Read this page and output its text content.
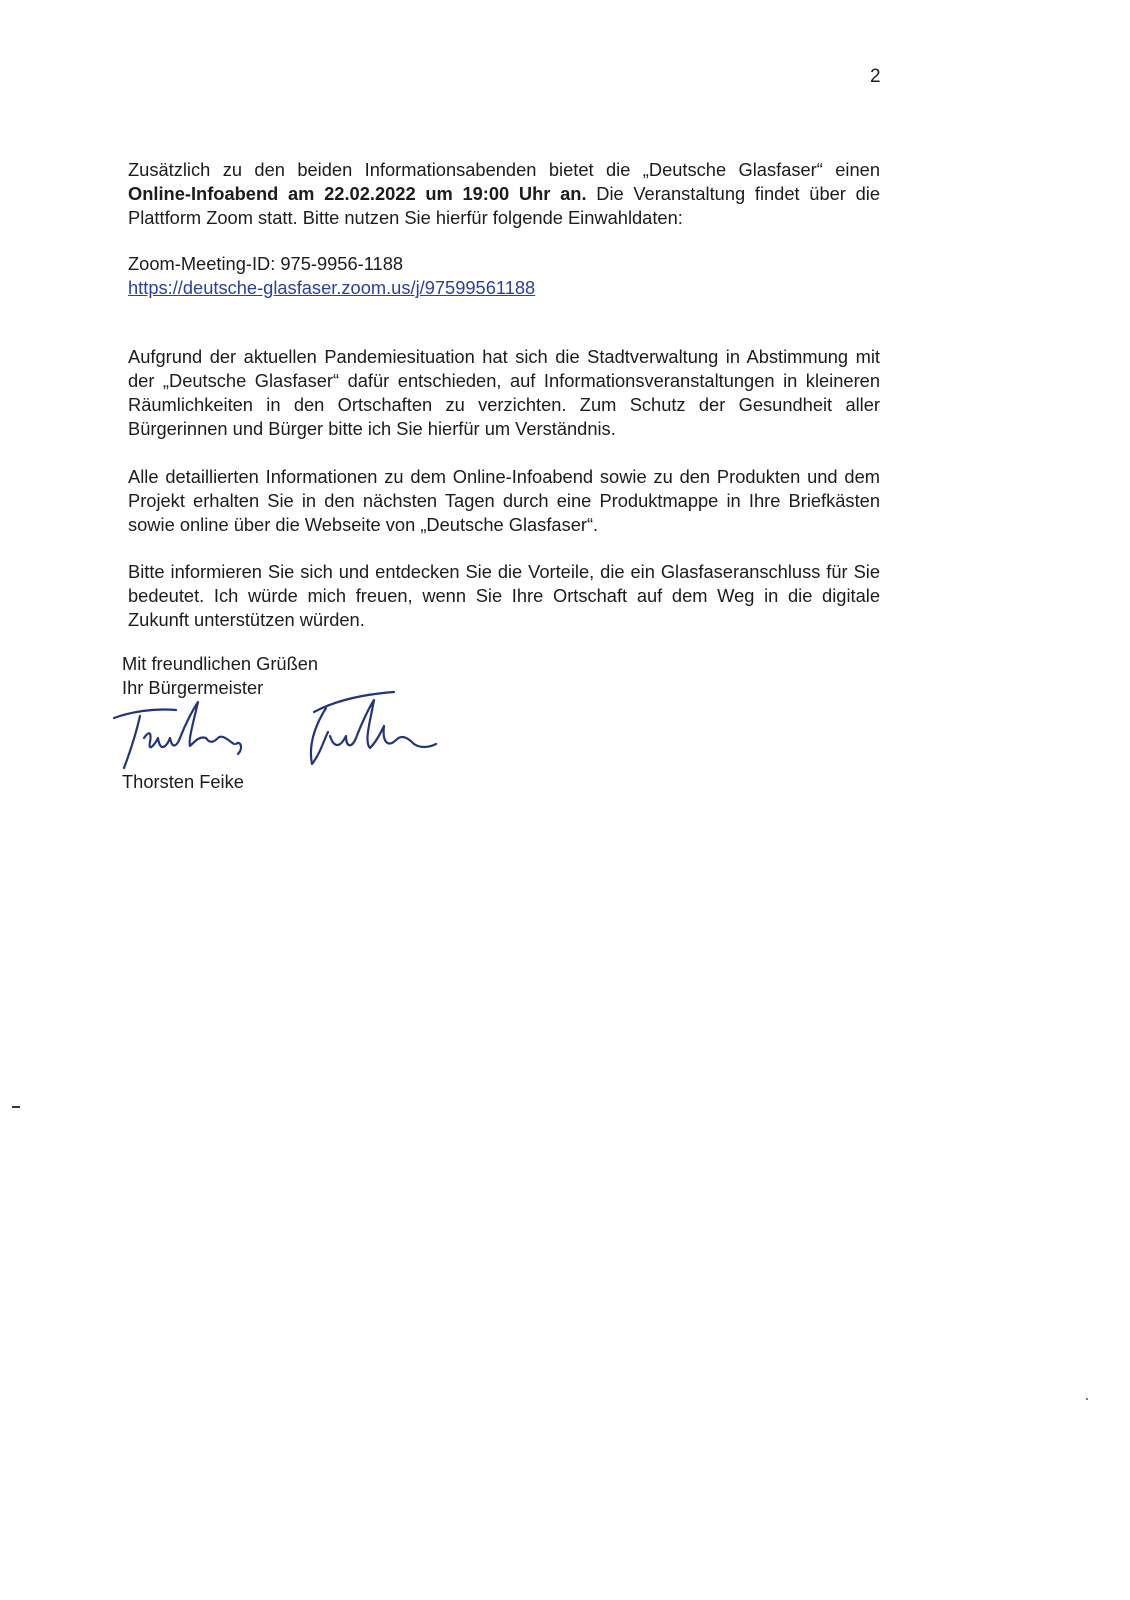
2

Zusätzlich zu den beiden Informationsabenden bietet die „Deutsche Glasfaser“ einen Online-Infoabend am 22.02.2022 um 19:00 Uhr an. Die Veranstaltung findet über die Plattform Zoom statt. Bitte nutzen Sie hierfür folgende Einwahldaten:

Zoom-Meeting-ID: 975-9956-1188
https://deutsche-glasfaser.zoom.us/j/97599561188

Aufgrund der aktuellen Pandemiesituation hat sich die Stadtverwaltung in Abstimmung mit der „Deutsche Glasfaser“ dafür entschieden, auf Informationsveranstaltungen in kleineren Räumlichkeiten in den Ortschaften zu verzichten. Zum Schutz der Gesundheit aller Bürgerinnen und Bürger bitte ich Sie hierfür um Verständnis.

Alle detaillierten Informationen zu dem Online-Infoabend sowie zu den Produkten und dem Projekt erhalten Sie in den nächsten Tagen durch eine Produktmappe in Ihre Briefkästen sowie online über die Webseite von „Deutsche Glasfaser“.

Bitte informieren Sie sich und entdecken Sie die Vorteile, die ein Glasfaseranschluss für Sie bedeutet. Ich würde mich freuen, wenn Sie Ihre Ortschaft auf dem Weg in die digitale Zukunft unterstützen würden.

Mit freundlichen Grüßen
Ihr Bürgermeister
Thorsten Feike
